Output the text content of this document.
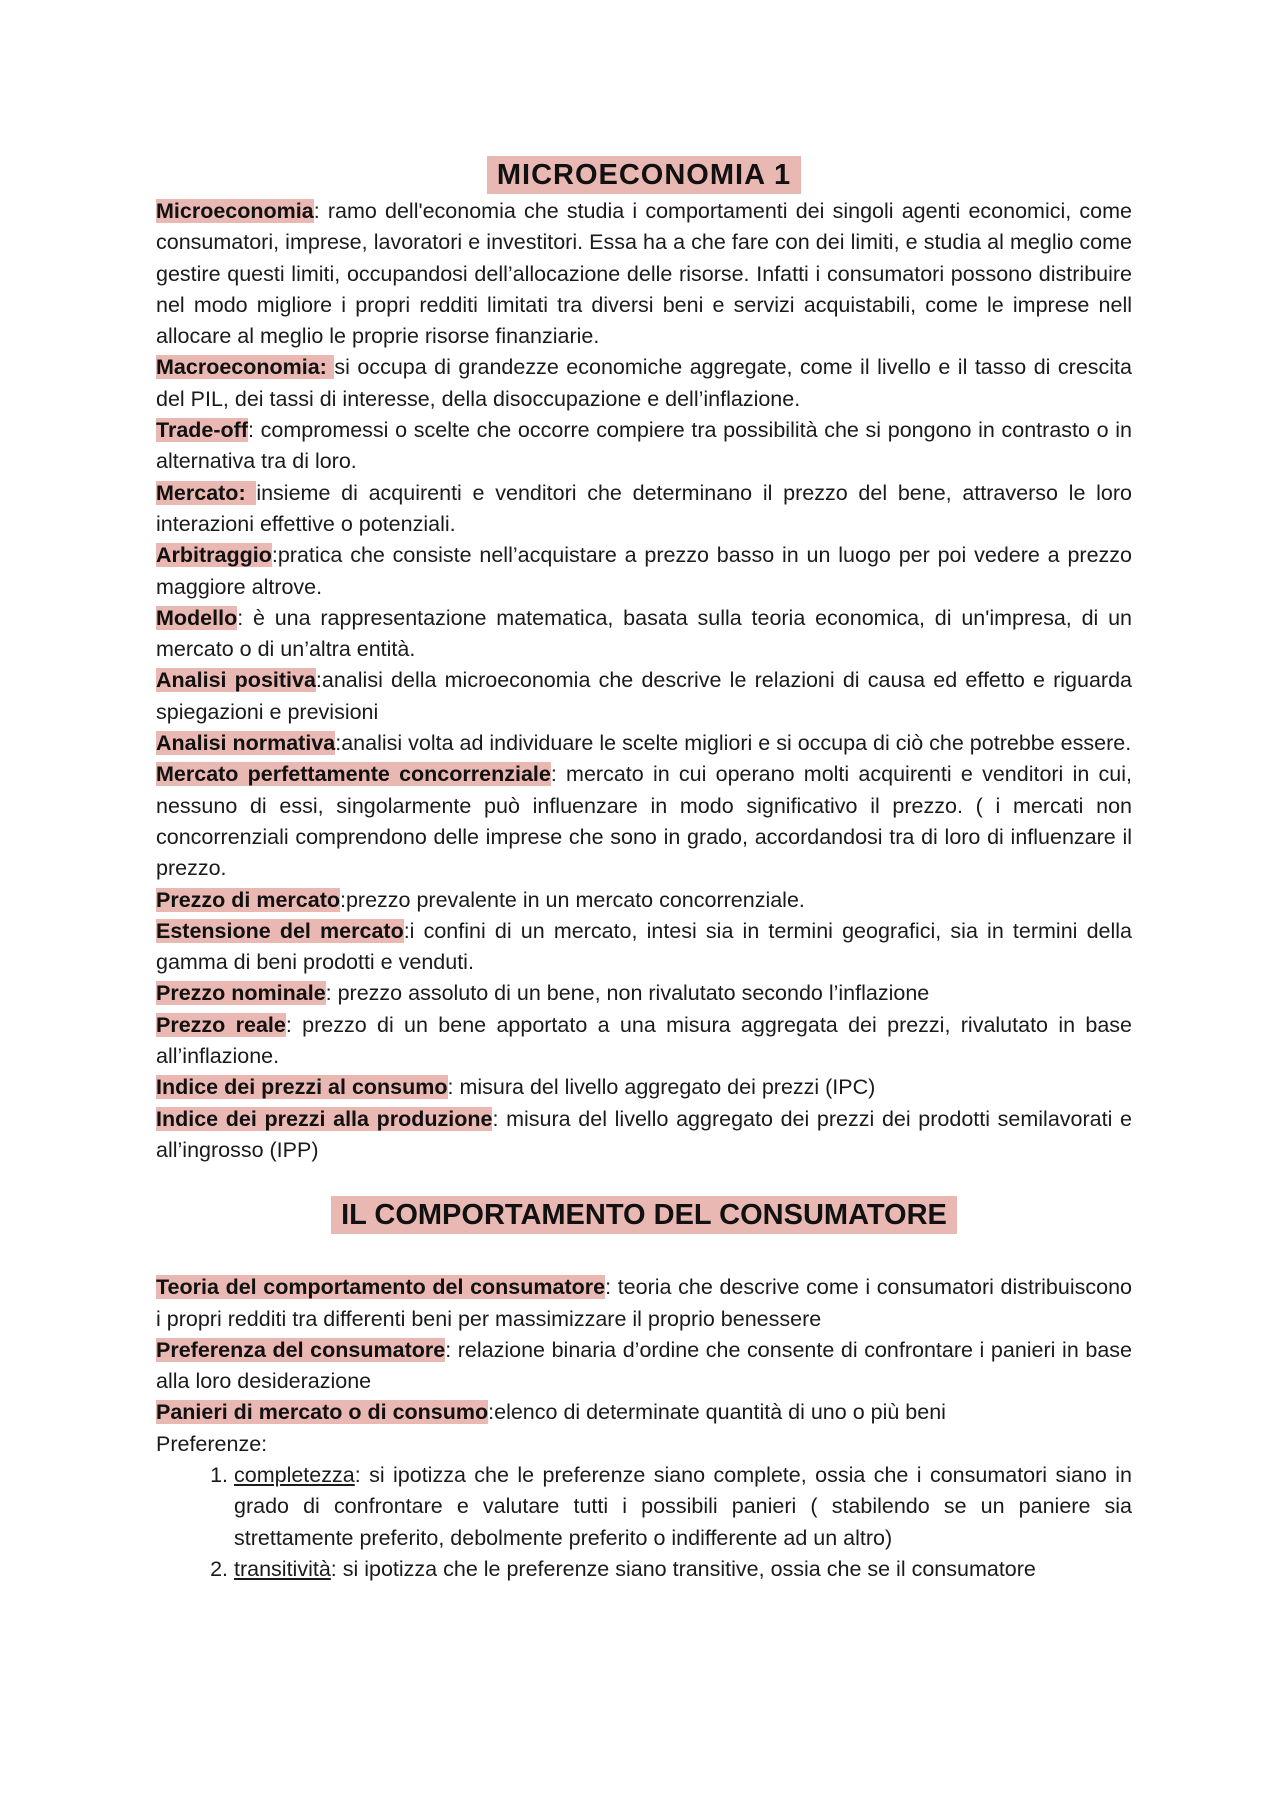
MICROECONOMIA 1

Microeconomia: ramo dell'economia che studia i comportamenti dei singoli agenti economici, come consumatori, imprese, lavoratori e investitori. Essa ha a che fare con dei limiti, e studia al meglio come gestire questi limiti, occupandosi dell’allocazione delle risorse. Infatti i consumatori possono distribuire nel modo migliore i propri redditi limitati tra diversi beni e servizi acquistabili, come le imprese nell allocare al meglio le proprie risorse finanziarie.

Macroeconomia: si occupa di grandezze economiche aggregate, come il livello e il tasso di crescita del PIL, dei tassi di interesse, della disoccupazione e dell’inflazione.

Trade-off: compromessi o scelte che occorre compiere tra possibilità che si pongono in contrasto o in alternativa tra di loro.

Mercato: insieme di acquirenti e venditori che determinano il prezzo del bene, attraverso le loro interazioni effettive o potenziali.

Arbitraggio:pratica che consiste nell’acquistare a prezzo basso in un luogo per poi vedere a prezzo maggiore altrove.

Modello: è una rappresentazione matematica, basata sulla teoria economica, di un'impresa, di un mercato o di un’altra entità.

Analisi positiva:analisi della microeconomia che descrive le relazioni di causa ed effetto e riguarda spiegazioni e previsioni

Analisi normativa:analisi volta ad individuare le scelte migliori e si occupa di ciò che potrebbe essere.

Mercato perfettamente concorrenziale: mercato in cui operano molti acquirenti e venditori in cui, nessuno di essi, singolarmente può influenzare in modo significativo il prezzo. ( i mercati non concorrenziali comprendono delle imprese che sono in grado, accordandosi tra di loro di influenzare il prezzo.

Prezzo di mercato:prezzo prevalente in un mercato concorrenziale.

Estensione del mercato:i confini di un mercato, intesi sia in termini geografici, sia in termini della gamma di beni prodotti e venduti.

Prezzo nominale: prezzo assoluto di un bene, non rivalutato secondo l’inflazione

Prezzo reale: prezzo di un bene apportato a una misura aggregata dei prezzi, rivalutato in base all’inflazione.

Indice dei prezzi al consumo: misura del livello aggregato dei prezzi (IPC)

Indice dei prezzi alla produzione: misura del livello aggregato dei prezzi dei prodotti semilavorati e all’ingrosso (IPP)

IL COMPORTAMENTO DEL CONSUMATORE

Teoria del comportamento del consumatore: teoria che descrive come i consumatori distribuiscono i propri redditi tra differenti beni per massimizzare il proprio benessere

Preferenza del consumatore: relazione binaria d’ordine che consente di confrontare i panieri in base alla loro desiderazione

Panieri di mercato o di consumo:elenco di determinate quantità di uno o più beni

Preferenze:

1. completezza: si ipotizza che le preferenze siano complete, ossia che i consumatori siano in grado di confrontare e valutare tutti i possibili panieri ( stabilendo se un paniere sia strettamente preferito, debolmente preferito o indifferente ad un altro)
2. transitività: si ipotizza che le preferenze siano transitive, ossia che se il consumatore
